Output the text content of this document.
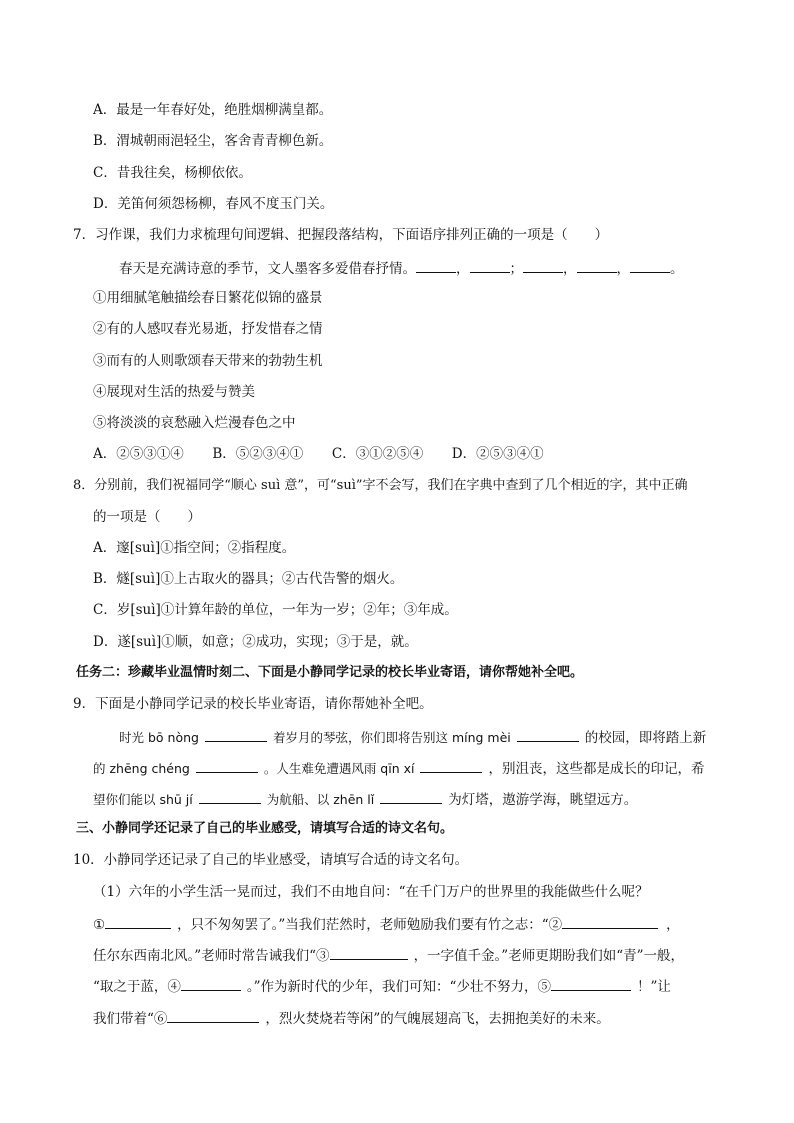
A．最是一年春好处，绝胜烟柳满皇都。
B．渭城朝雨浥轻尘，客舍青青柳色新。
C．昔我往矣，杨柳依依。
D．羌笛何须怨杨柳，春风不度玉门关。
7．习作课，我们力求梳理句间逻辑、把握段落结构，下面语序排列正确的一项是（　　）
春天是充满诗意的季节，文人墨客多爱借春抒情。	，	；	，	，	。
①用细腻笔触描绘春日繁花似锦的盛景
②有的人感叹春光易逝，抒发惜春之情
③而有的人则歌颂春天带来的勃勃生机
④展现对生活的热爱与赞美
⑤将淡淡的哀愁融入烂漫春色之中
A．②⑤③①④ B．⑤②③④① C．③①②⑤④ D．②⑤③④①
8．分别前，我们祝福同学“顺心 suì 意”，可“suì”字不会写，我们在字典中查到了几个相近的字，其中正确
的一项是（　　）
A．邃[suì]①指空间；②指程度。
B．燧[suì]①上古取火的器具；②古代告警的烟火。
C．岁[suì]①计算年龄的单位，一年为一岁；②年；③年成。
D．遂[suì]①顺，如意；②成功，实现；③于是，就。
任务二：珍藏毕业温情时刻二、下面是小静同学记录的校长毕业寄语，请你帮她补全吧。
9．下面是小静同学记录的校长毕业寄语，请你帮她补全吧。
时光 bō nòng	着岁月的琴弦，你们即将告别这 míng mèi	的校园，即将踏上新
的 zhēng chéng	。人生难免遭遇风雨 qīn xí	，别沮丧，这些都是成长的印记，希
望你们能以 shū jí	为航船、以 zhēn lǐ	为灯塔，遨游学海，眺望远方。
三、小静同学还记录了自己的毕业感受，请填写合适的诗文名句。
10．小静同学还记录了自己的毕业感受，请填写合适的诗文名句。
（1）六年的小学生活一晃而过，我们不由地自问：“在千门万户的世界里的我能做些什么呢？
①	，只不匆匆罢了。”当我们茫然时，老师勉励我们要有竹之志：“②	，
任尔东西南北风。”老师时常告诫我们“③	，一字值千金。”老师更期盼我们如“青”一般，
“取之于蓝，④	。”作为新时代的少年，我们可知：“少壮不努力，⑤	！”让
我们带着“⑥	，烈火焚烧若等闲”的气魄展翅高飞，去拥抱美好的未来。
